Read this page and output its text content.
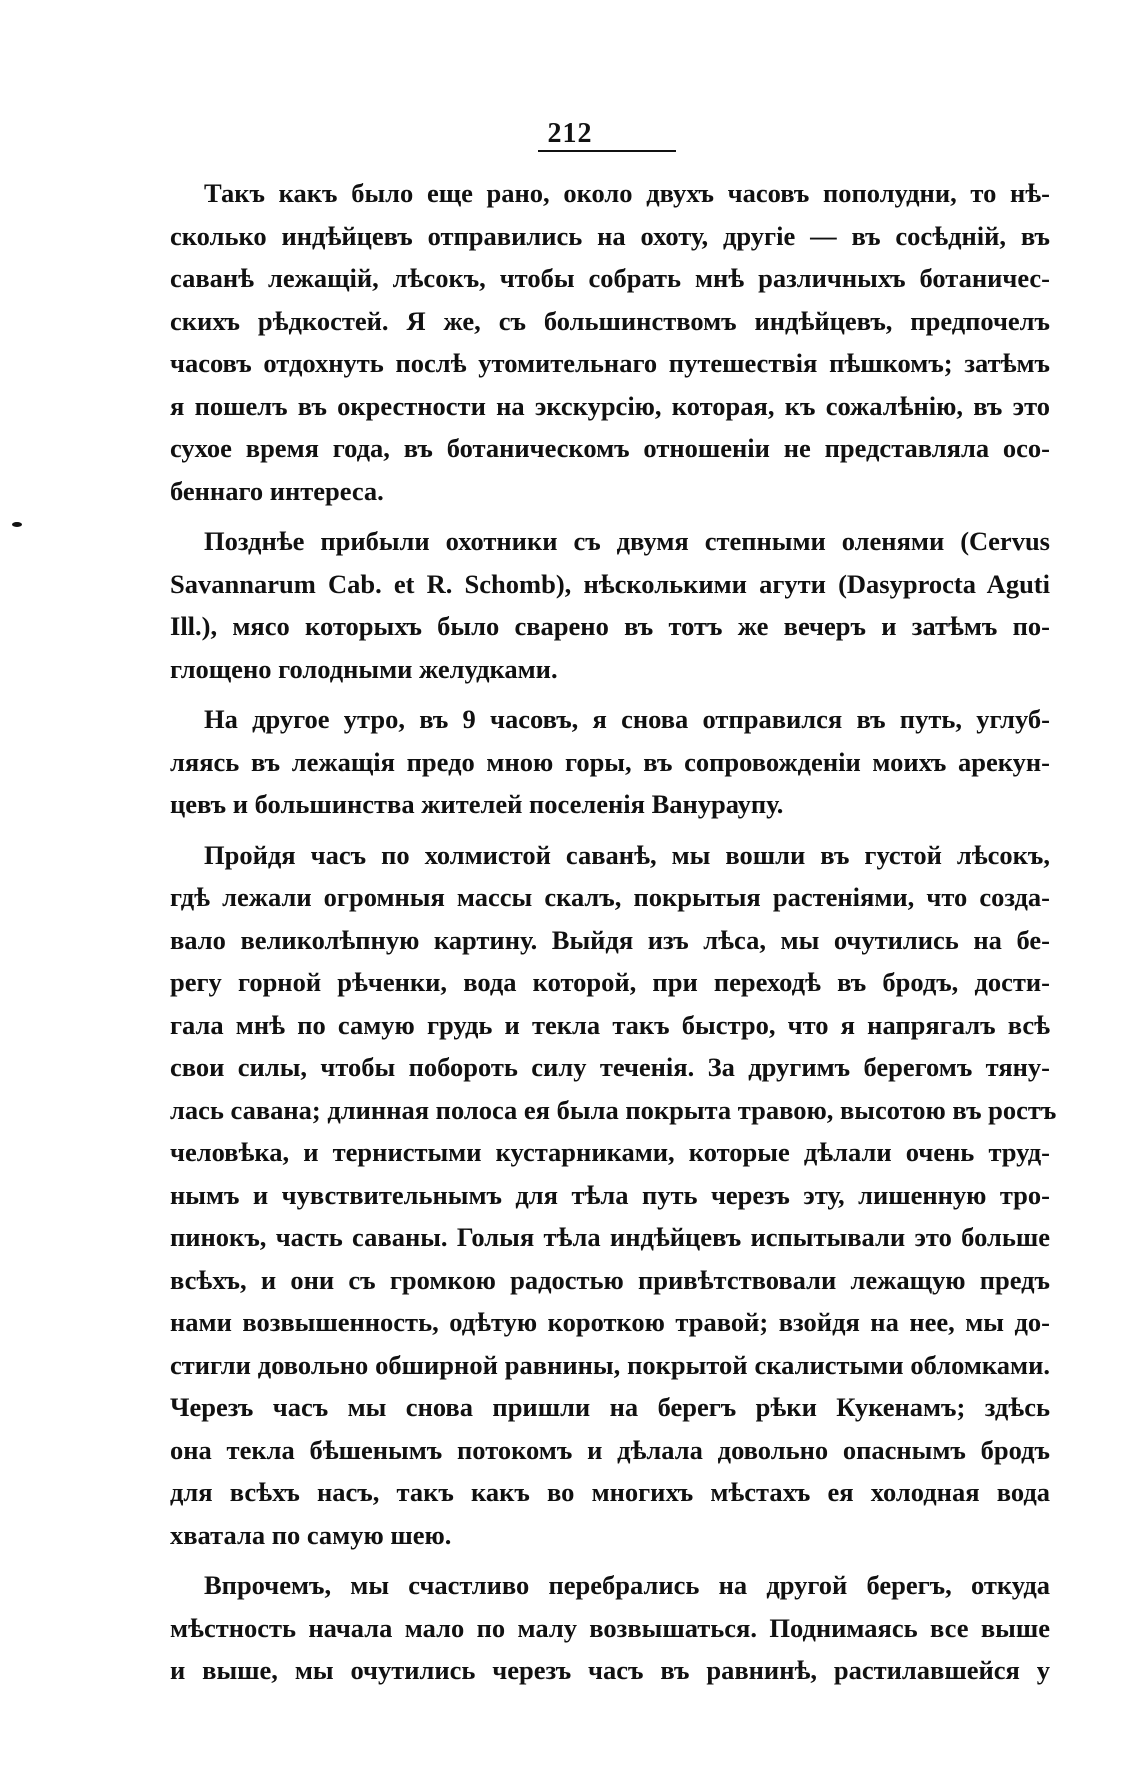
212
Такъ какъ было еще рано, около двухъ часовъ пополудни, то нѣ-
сколько индѣйцевъ отправились на охоту, другіе — въ сосѣдній, въ
саванѣ лежащій, лѣсокъ, чтобы собрать мнѣ различныхъ ботаничес-
скихъ рѣдкостей. Я же, съ большинствомъ индѣйцевъ, предпочелъ
часовъ отдохнуть послѣ утомительнаго путешествія пѣшкомъ; затѣмъ
я пошелъ въ окрестности на экскурсію, которая, къ сожалѣнію, въ это
сухое время года, въ ботаническомъ отношеніи не представляла осо-
беннаго интереса.
Позднѣе прибыли охотники съ двумя степными оленями (Cervus
Savannarum Cab. et R. Schomb), нѣсколькими агути (Dasyprocta Aguti
Ill.), мясо которыхъ было сварено въ тотъ же вечеръ и затѣмъ по-
глощено голодными желудками.
На другое утро, въ 9 часовъ, я снова отправился въ путь, углуб-
ляясь въ лежащія предо мною горы, въ сопровожденіи моихъ арекун-
цевъ и большинства жителей поселенія Ванураупу.
Пройдя часъ по холмистой саванѣ, мы вошли въ густой лѣсокъ,
гдѣ лежали огромныя массы скалъ, покрытыя растеніями, что созда-
вало великолѣпную картину. Выйдя изъ лѣса, мы очутились на бе-
регу горной рѣченки, вода которой, при переходѣ въ бродъ, дости-
гала мнѣ по самую грудь и текла такъ быстро, что я напрягалъ всѣ
свои силы, чтобы побороть силу теченія. За другимъ берегомъ тяну-
лась савана; длинная полоса ея была покрыта травою, высотою въ ростъ
человѣка, и тернистыми кустарниками, которые дѣлали очень труд-
нымъ и чувствительнымъ для тѣла путь черезъ эту, лишенную тро-
пинокъ, часть саваны. Голыя тѣла индѣйцевъ испытывали это больше
всѣхъ, и они съ громкою радостью привѣтствовали лежащую предъ
нами возвышенность, одѣтую короткою травой; взойдя на нее, мы до-
стигли довольно обширной равнины, покрытой скалистыми обломками.
Черезъ часъ мы снова пришли на берегъ рѣки Кукенамъ; здѣсь
она текла бѣшенымъ потокомъ и дѣлала довольно опаснымъ бродъ
для всѣхъ насъ, такъ какъ во многихъ мѣстахъ ея холодная вода
хватала по самую шею.
Впрочемъ, мы счастливо перебрались на другой берегъ, откуда
мѣстность начала мало по малу возвышаться. Поднимаясь все выше
и выше, мы очутились черезъ часъ въ равнинѣ, растилавшейся у
